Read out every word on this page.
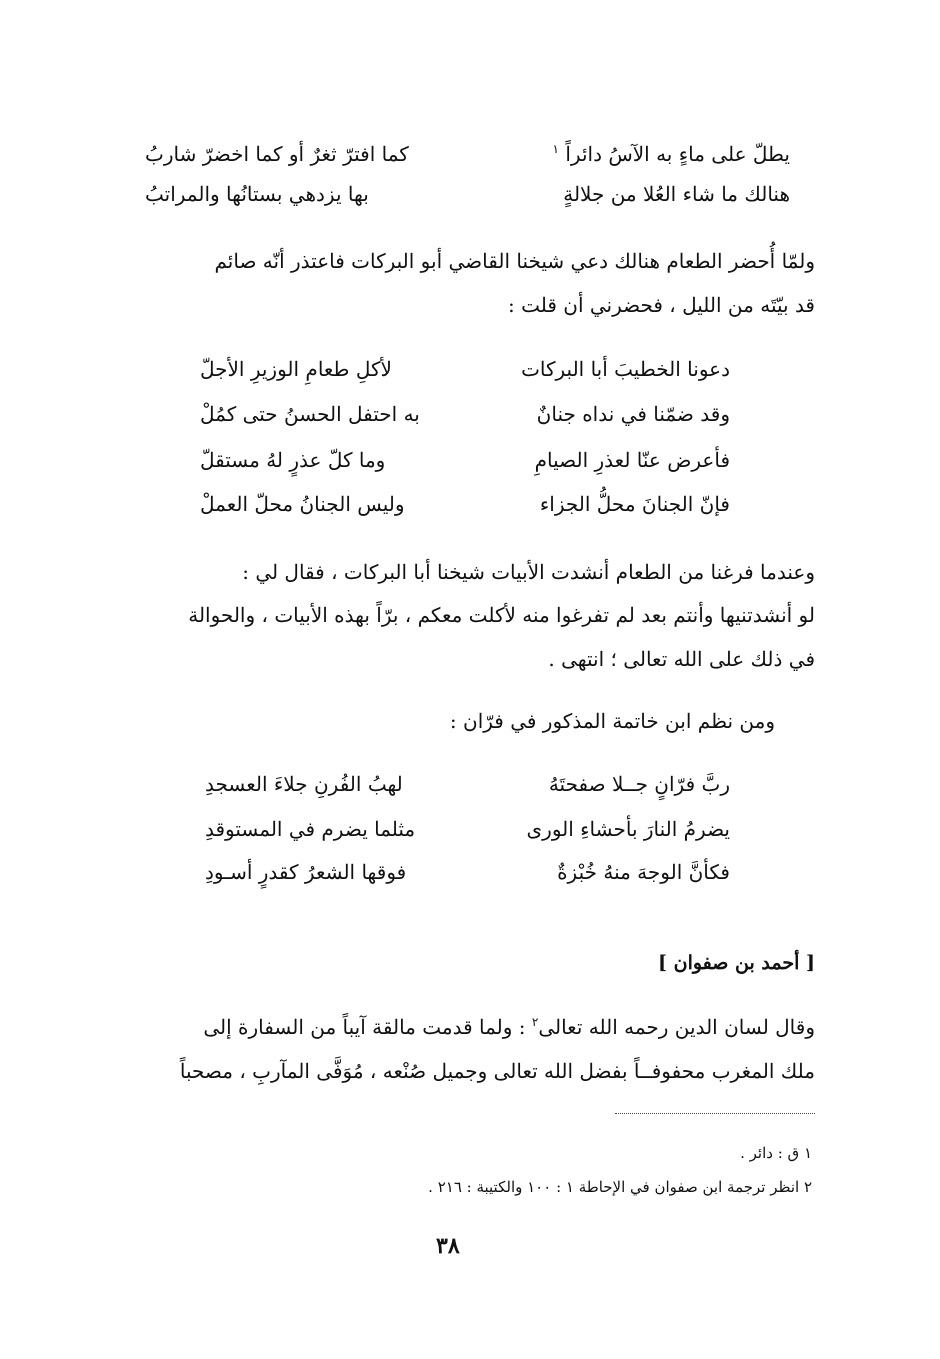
يطلّ على ماءٍ به الآسُ دائراً $^١$
كما افترّ ثغرٌ أو كما اخضرّ شاربُ
هنالك ما شاء العُلا من جلالةٍ
بها يزدهي بستانُها والمراتبُ
ولمّا أُحضر الطعام هنالك دعي شيخنا القاضي أبو البركات فاعتذر أنّه صائم
قد بيّتَه من الليل ، فحضرني أن قلت :
دعونا الخطيبَ أبا البركات
لأكلِ طعامِ الوزيرِ الأجلّ
وقد ضمّنا في نداه جنانٌ
به احتفل الحسنُ حتى كمُلْ
فأعرض عنّا لعذرِ الصيامِ
وما كلّ عذرٍ لهُ مستقلّ
فإنّ الجنانَ محلُّ الجزاء
وليس الجنانُ محلّ العملْ
وعندما فرغنا من الطعام أنشدت الأبيات شيخنا أبا البركات ، فقال لي :
لو أنشدتنيها وأنتم بعد لم تفرغوا منه لأكلت معكم ، برّاً بهذه الأبيات ، والحوالة
في ذلك على الله تعالى ؛ انتهى .
ومن نظم ابن خاتمة المذكور في فرّان :
ربَّ فرّانٍ جــلا صفحتَهُ
لهبُ الفُرنِ جلاءَ العسجدِ
يضرمُ النارَ بأحشاءِ الورى
مثلما يضرم في المستوقدِ
فكأنَّ الوجهَ منهُ خُبْزةٌ
فوقها الشعرُ كقدرٍ أسـودِ
[ أحمد بن صفوان ]
وقال لسان الدين رحمه الله تعالى$^٢$ : ولما قدمت مالقة آيباً من السفارة إلى
ملك المغرب محفوفــاً بفضل الله تعالى وجميل صُنْعه ، مُوَفَّى المآربِ ، مصحباً
١ ق : دائر .
٢ انظر ترجمة ابن صفوان في الإحاطة ١ : ١٠٠ والكتيبة : ٢١٦ .
٣٨
